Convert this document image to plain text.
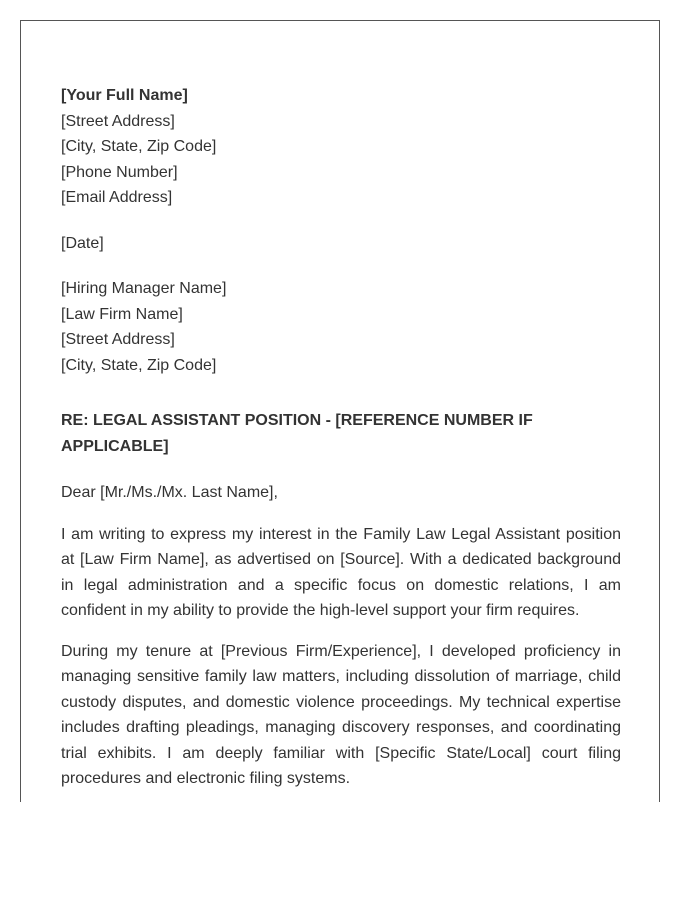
[Your Full Name]
[Street Address]
[City, State, Zip Code]
[Phone Number]
[Email Address]
[Date]
[Hiring Manager Name]
[Law Firm Name]
[Street Address]
[City, State, Zip Code]
RE: LEGAL ASSISTANT POSITION - [REFERENCE NUMBER IF APPLICABLE]
Dear [Mr./Ms./Mx. Last Name],

I am writing to express my interest in the Family Law Legal Assistant position at [Law Firm Name], as advertised on [Source]. With a dedicated background in legal administration and a specific focus on domestic relations, I am confident in my ability to provide the high-level support your firm requires.

During my tenure at [Previous Firm/Experience], I developed proficiency in managing sensitive family law matters, including dissolution of marriage, child custody disputes, and domestic violence proceedings. My technical expertise includes drafting pleadings, managing discovery responses, and coordinating trial exhibits. I am deeply familiar with [Specific State/Local] court filing procedures and electronic filing systems.
